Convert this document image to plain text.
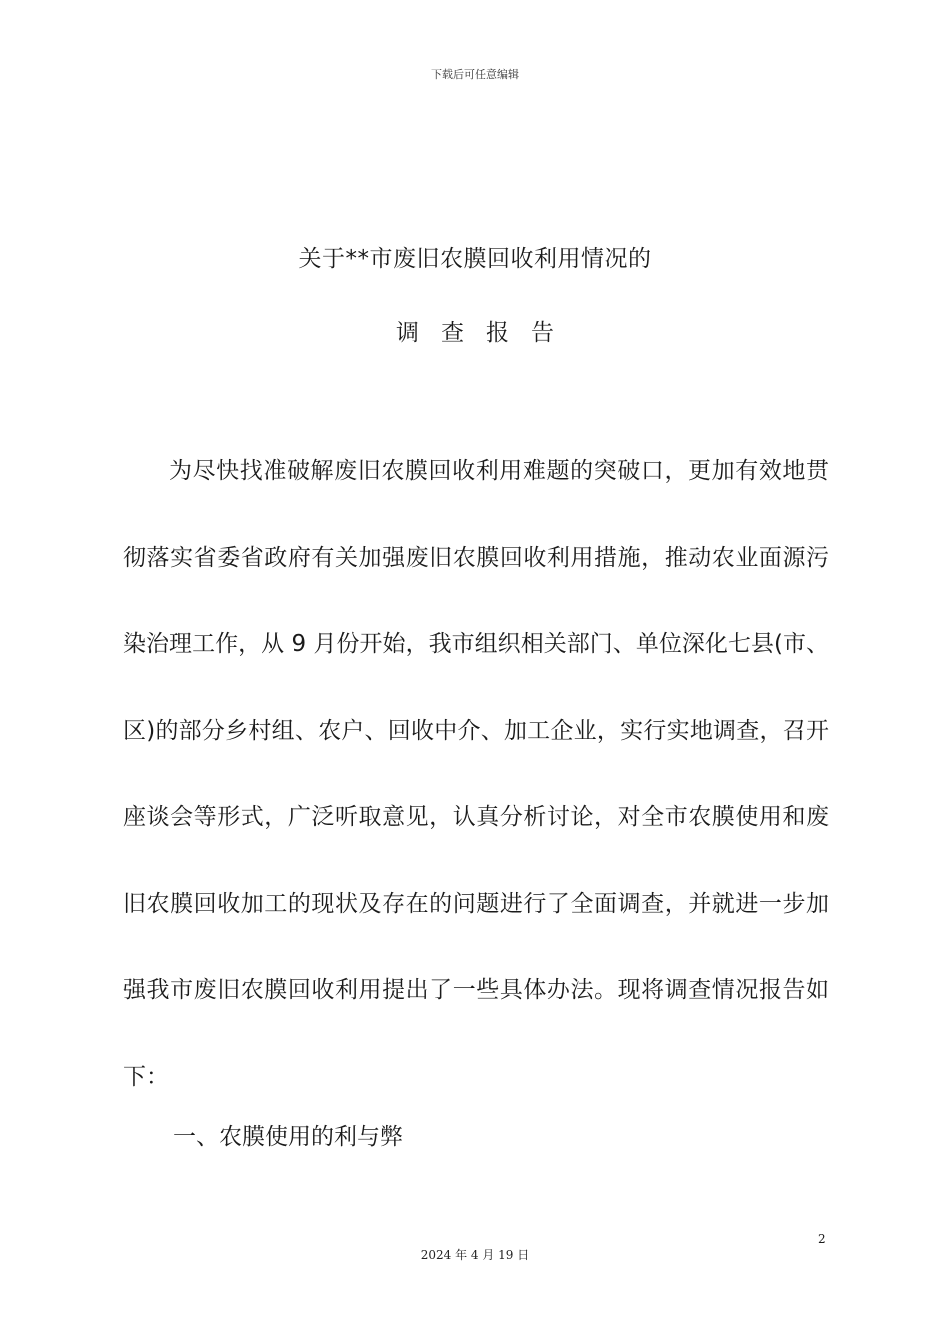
下载后可任意编辑
关于**市废旧农膜回收利用情况的
调查报告

为尽快找准破解废旧农膜回收利用难题的突破口，更加有效地贯彻落实省委省政府有关加强废旧农膜回收利用措施，推动农业面源污染治理工作，从 9 月份开始，我市组织相关部门、单位深化七县(市、区)的部分乡村组、农户、回收中介、加工企业，实行实地调查，召开座谈会等形式，广泛听取意见，认真分析讨论，对全市农膜使用和废旧农膜回收加工的现状及存在的问题进行了全面调查，并就进一步加强我市废旧农膜回收利用提出了一些具体办法。现将调查情况报告如下：

一、农膜使用的利与弊
2
2024 年 4 月 19 日
